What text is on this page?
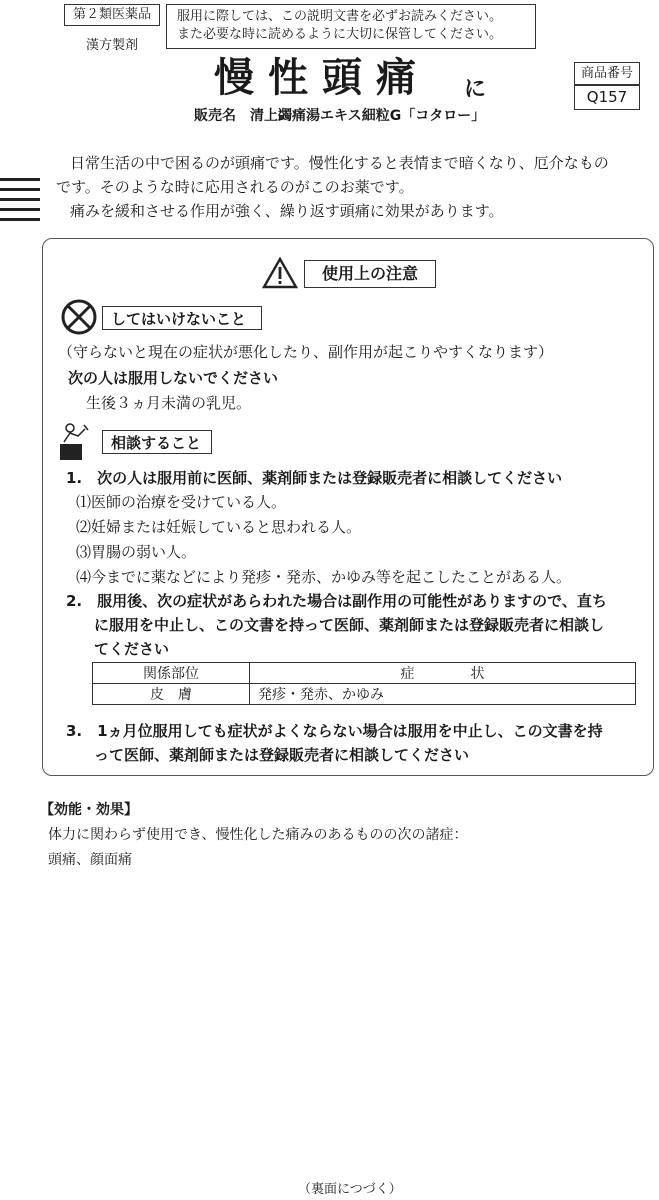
第２類医薬品
漢方製剤
服用に際しては、この説明文書を必ずお読みください。
また必要な時に読めるように大切に保管してください。
慢性頭痛 に
商品番号
Q157
販売名　清上蠲痛湯エキス細粒G「コタロー」

日常生活の中で困るのが頭痛です。慢性化すると表情まで暗くなり、厄介なもの

です。そのような時に応用されるのがこのお薬です。

痛みを緩和させる作用が強く、繰り返す頭痛に効果があります。

使用上の注意
してはいけないこと
（守らないと現在の症状が悪化したり、副作用が起こりやすくなります）
次の人は服用しないでください
生後３ヵ月未満の乳児。
相談すること
1.　次の人は服用前に医師、薬剤師または登録販売者に相談してください
⑴医師の治療を受けている人。
⑵妊婦または妊娠していると思われる人。
⑶胃腸の弱い人。
⑷今までに薬などにより発疹・発赤、かゆみ等を起こしたことがある人。
2.　服用後、次の症状があらわれた場合は副作用の可能性がありますので、直ち
に服用を中止し、この文書を持って医師、薬剤師または登録販売者に相談し
てください
関係部位	症　　　　状
皮　膚	発疹・発赤、かゆみ
3.　1ヵ月位服用しても症状がよくならない場合は服用を中止し、この文書を持
って医師、薬剤師または登録販売者に相談してください
【効能・効果】
体力に関わらず使用でき、慢性化した痛みのあるものの次の諸症：
頭痛、顔面痛
（裏面につづく）
